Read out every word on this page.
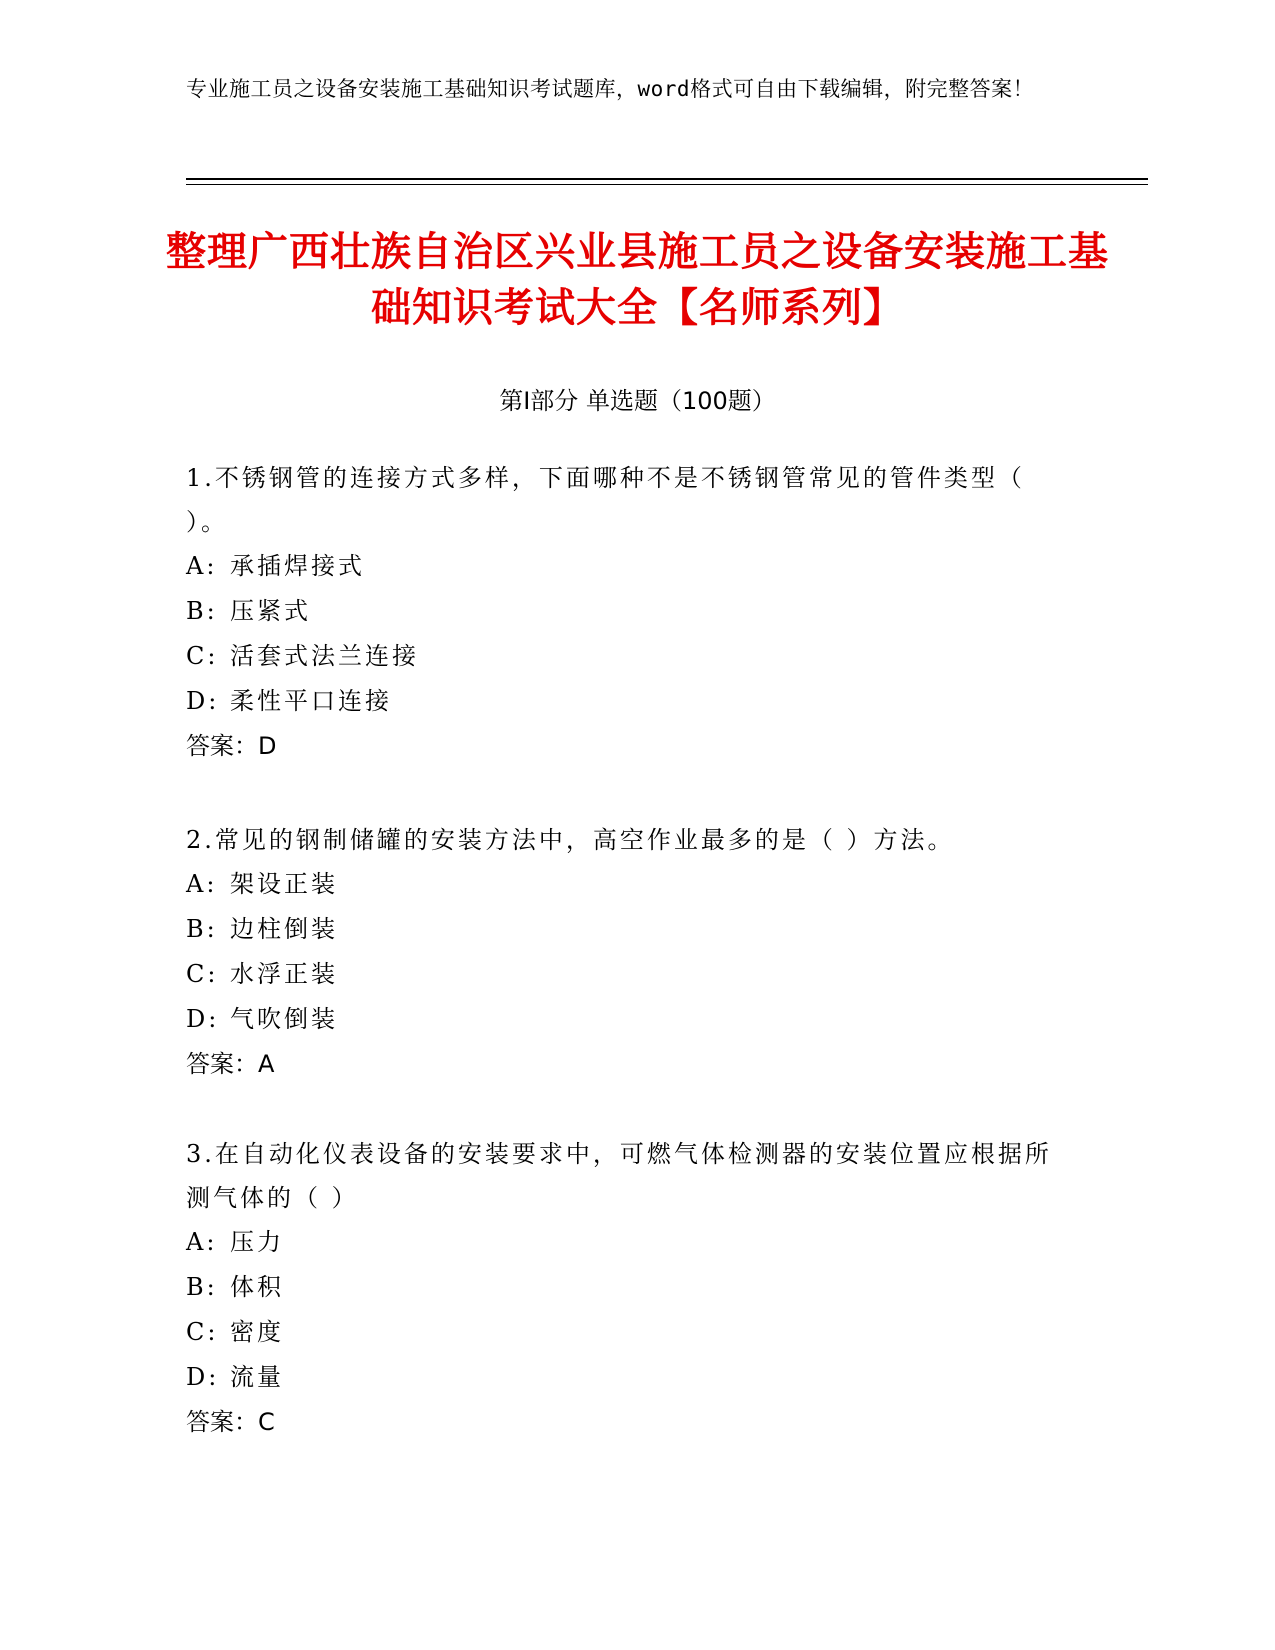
专业施工员之设备安装施工基础知识考试题库，word格式可自由下载编辑，附完整答案！
整理广西壮族自治区兴业县施工员之设备安装施工基础知识考试大全【名师系列】
第I部分 单选题（100题）
1.不锈钢管的连接方式多样，下面哪种不是不锈钢管常见的管件类型（ ）。
A: 承插焊接式
B: 压紧式
C: 活套式法兰连接
D: 柔性平口连接
答案：D
2.常见的钢制储罐的安装方法中，高空作业最多的是（ ）方法。
A: 架设正装
B: 边柱倒装
C: 水浮正装
D: 气吹倒装
答案：A
3.在自动化仪表设备的安装要求中，可燃气体检测器的安装位置应根据所测气体的（ ）
A: 压力
B: 体积
C: 密度
D: 流量
答案：C
